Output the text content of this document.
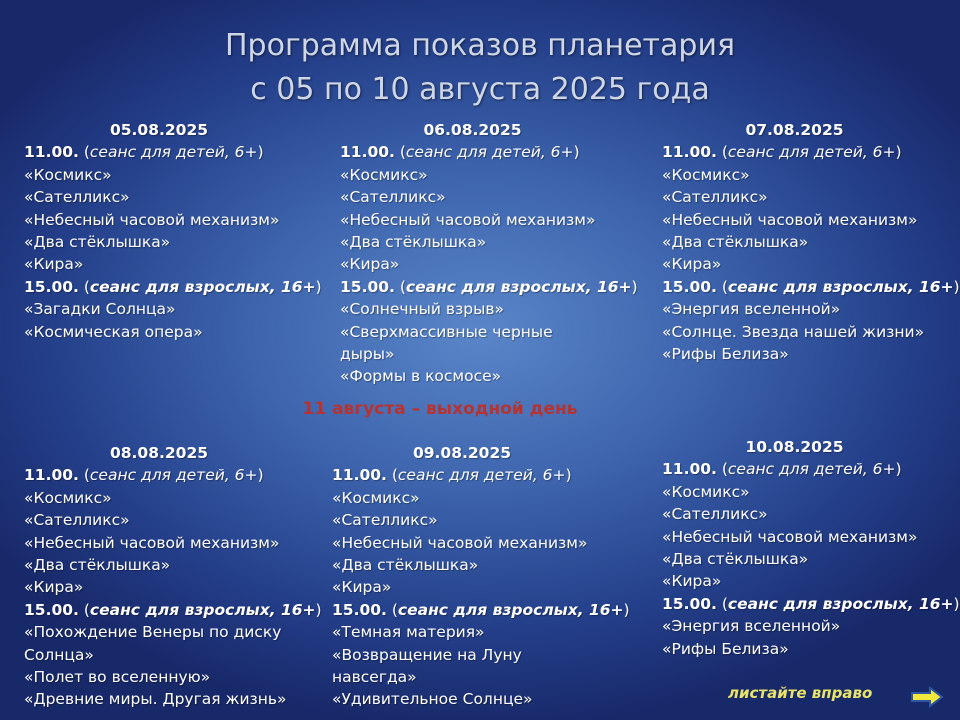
Программа показов планетария
с 05 по 10 августа 2025 года
05.08.2025
11.00. (сеанс для детей, 6+)
«Космикс»
«Сателликс»
«Небесный часовой механизм»
«Два стёклышка»
«Кира»
15.00. (сеанс для взрослых, 16+)
«Загадки Солнца»
«Космическая опера»
06.08.2025
11.00. (сеанс для детей, 6+)
«Космикс»
«Сателликс»
«Небесный часовой механизм»
«Два стёклышка»
«Кира»
15.00. (сеанс для взрослых, 16+)
«Солнечный взрыв»
«Сверхмассивные черные
дыры»
«Формы в космосе»
07.08.2025
11.00. (сеанс для детей, 6+)
«Космикс»
«Сателликс»
«Небесный часовой механизм»
«Два стёклышка»
«Кира»
15.00. (сеанс для взрослых, 16+)
«Энергия вселенной»
«Солнце. Звезда нашей жизни»
«Рифы Белиза»
08.08.2025
11.00. (сеанс для детей, 6+)
«Космикс»
«Сателликс»
«Небесный часовой механизм»
«Два стёклышка»
«Кира»
15.00. (сеанс для взрослых, 16+)
«Похождение Венеры по диску
Солнца»
«Полет во вселенную»
«Древние миры. Другая жизнь»
09.08.2025
11.00. (сеанс для детей, 6+)
«Космикс»
«Сателликс»
«Небесный часовой механизм»
«Два стёклышка»
«Кира»
15.00. (сеанс для взрослых, 16+)
«Темная материя»
«Возвращение на Луну
навсегда»
«Удивительное Солнце»
10.08.2025
11.00. (сеанс для детей, 6+)
«Космикс»
«Сателликс»
«Небесный часовой механизм»
«Два стёклышка»
«Кира»
15.00. (сеанс для взрослых, 16+)
«Энергия вселенной»
«Рифы Белиза»
11 августа – выходной день
листайте вправо
